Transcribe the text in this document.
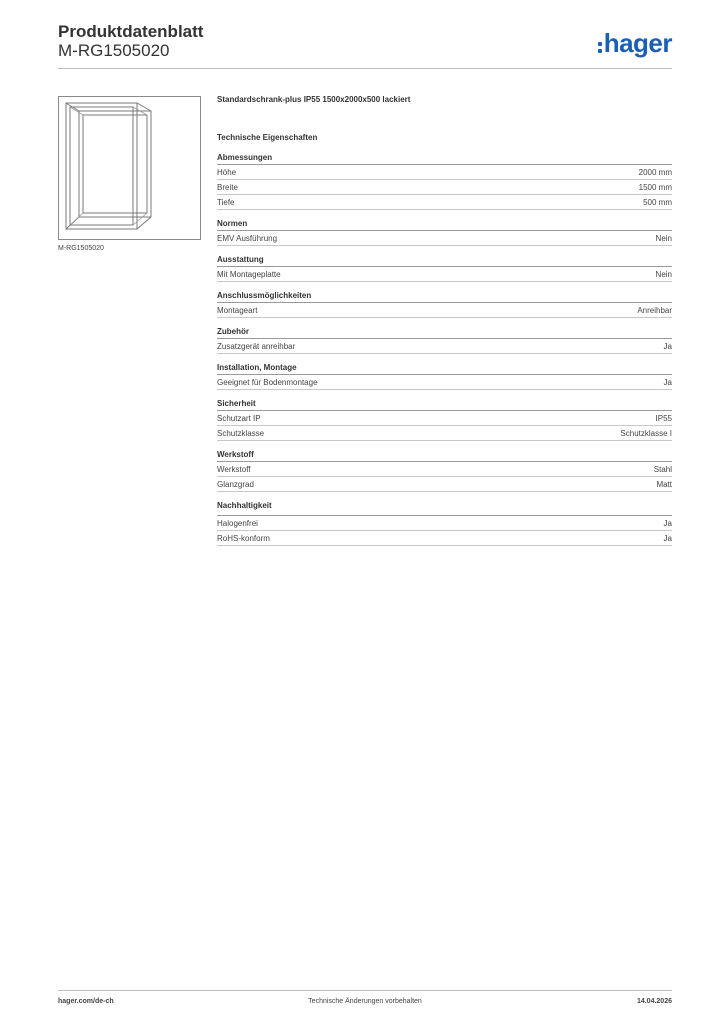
Produktdatenblatt
M-RG1505020	hager
M-RG1505020
Standardschrank-plus IP55 1500x2000x500 lackiert
Technische Eigenschaften
Abmessungen
Höhe	2000 mm
Breite	1500 mm
Tiefe	500 mm
Normen
EMV Ausführung	Nein
Ausstattung
Mit Montageplatte	Nein
Anschlussmöglichkeiten
Montageart	Anreihbar
Zubehör
Zusatzgerät anreihbar	Ja
Installation, Montage
Geeignet für Bodenmontage	Ja
Sicherheit
Schutzart IP	IP55
Schutzklasse	Schutzklasse I
Werkstoff
Werkstoff	Stahl
Glanzgrad	Matt
Nachhaltigkeit
Halogenfrei	Ja
RoHS-konform	Ja
hager.com/de-ch	Technische Änderungen vorbehalten	14.04.2026
